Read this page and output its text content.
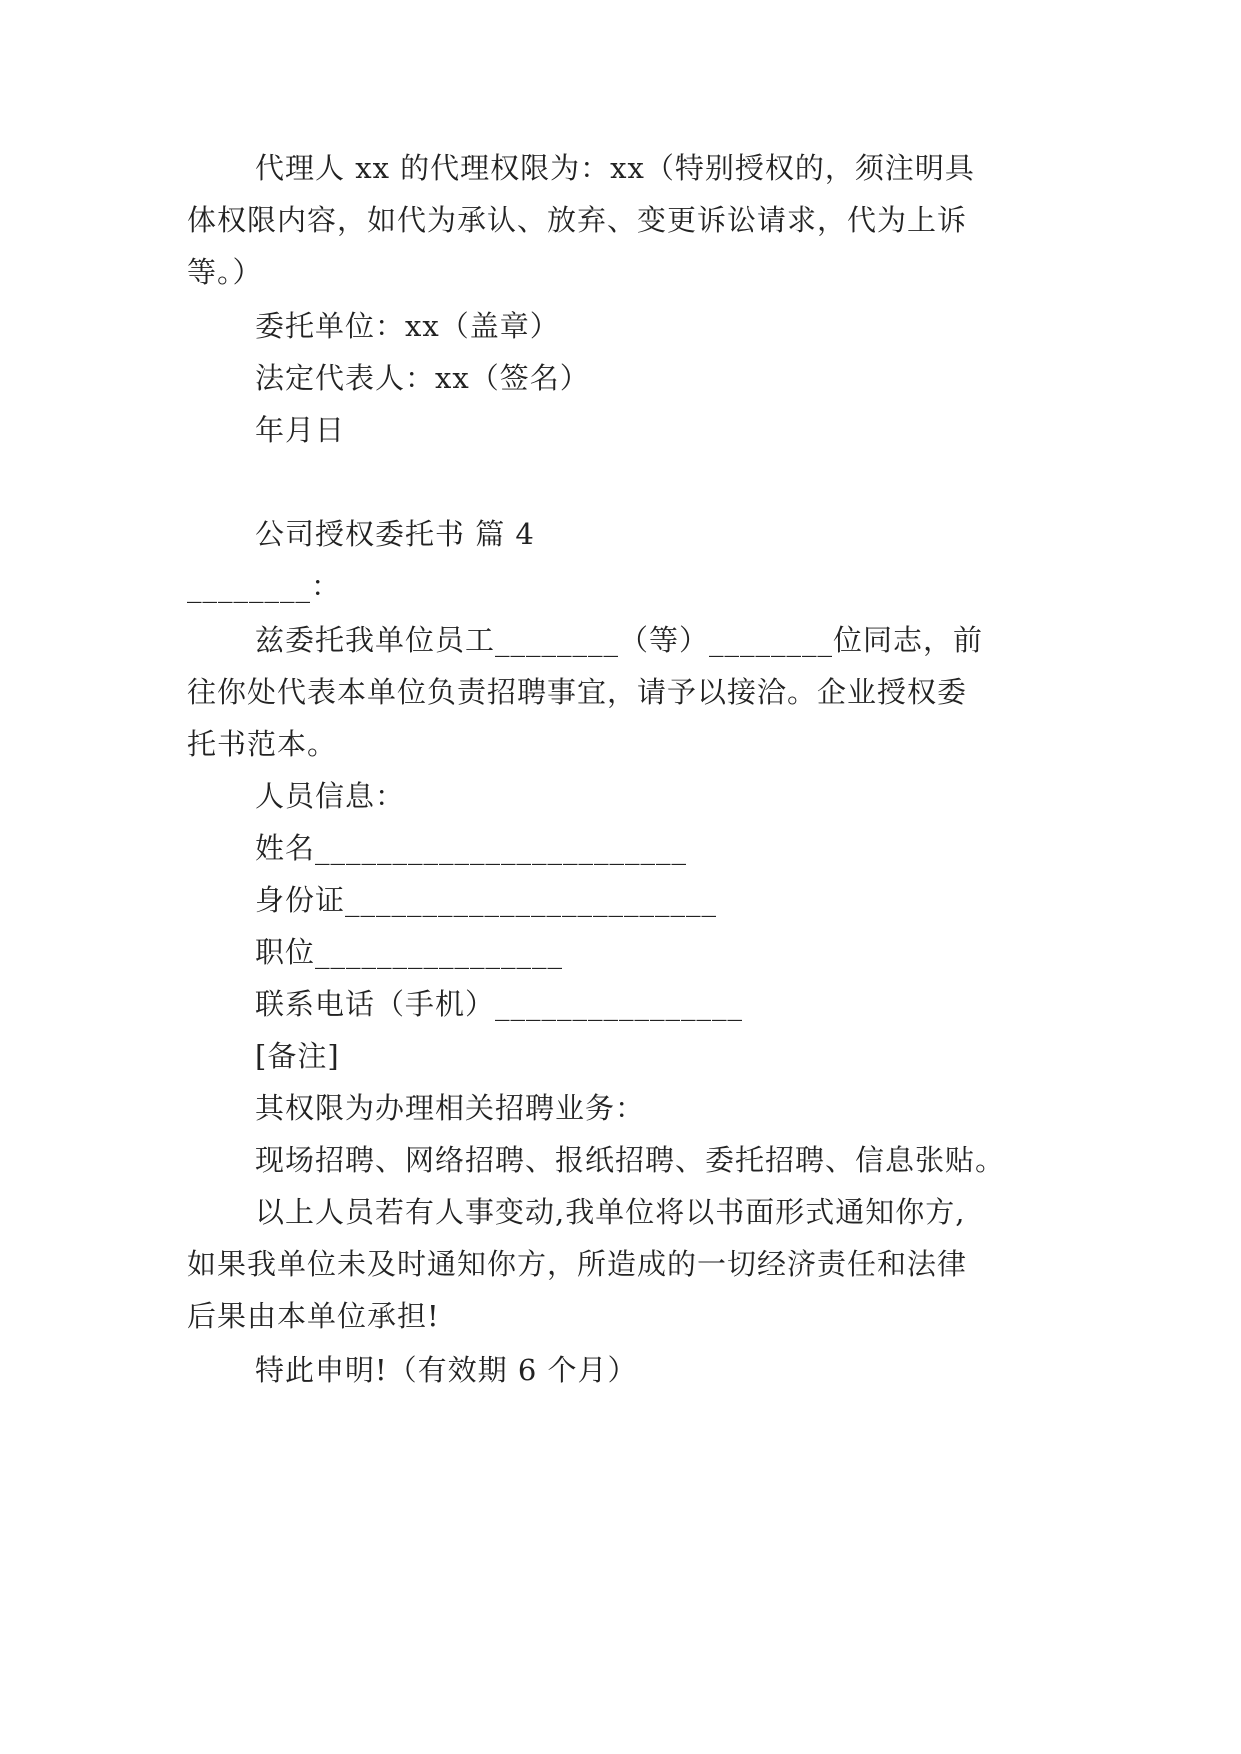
代理人 xx 的代理权限为：xx（特别授权的，须注明具
体权限内容，如代为承认、放弃、变更诉讼请求，代为上诉
等。）
委托单位：xx（盖章）
法定代表人：xx（签名）
年月日
公司授权委托书 篇 4
________：
兹委托我单位员工________（等）________位同志，前
往你处代表本单位负责招聘事宜，请予以接洽。企业授权委
托书范本。
人员信息：
姓名________________________
身份证________________________
职位________________
联系电话（手机）________________
[备注]
其权限为办理相关招聘业务：
现场招聘、网络招聘、报纸招聘、委托招聘、信息张贴。
以上人员若有人事变动,我单位将以书面形式通知你方,
如果我单位未及时通知你方，所造成的一切经济责任和法律
后果由本单位承担!
特此申明!（有效期 6 个月）
